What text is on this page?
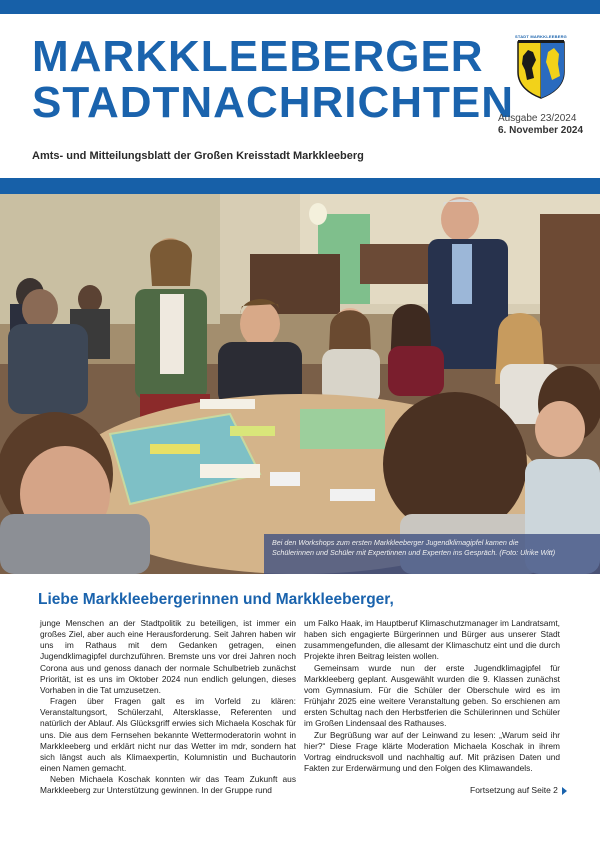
MARKKLEEBERGER
STADTNACHRICHTEN
STADT MARKKLEEBERG
Ausgabe 23/2024
6. November 2024
Amts- und Mitteilungsblatt der Großen Kreisstadt Markkleeberg
Bei den Workshops zum ersten Markkleeberger Jugendklimagipfel kamen die
Schülerinnen und Schüler mit Expertinnen und Experten ins Gespräch. (Foto: Ulrike Witt)
Liebe Markkleebergerinnen und Markkleeberger,

junge Menschen an der Stadtpolitik zu beteiligen, ist immer ein großes Ziel, aber auch eine Herausforderung. Seit Jahren haben wir uns im Rathaus mit dem Gedanken getragen, einen Jugendklimagipfel durchzuführen. Bremste uns vor drei Jahren noch Corona aus und genoss danach der normale Schulbetrieb zunächst Priorität, ist es uns im Oktober 2024 nun endlich gelungen, dieses Vorhaben in die Tat umzusetzen.

Fragen über Fragen galt es im Vorfeld zu klären: Veranstaltungsort, Schülerzahl, Altersklasse, Referenten und natürlich der Ablauf. Als Glücksgriff erwies sich Michaela Koschak für uns. Die aus dem Fernsehen bekannte Wettermoderatorin wohnt in Markkleeberg und erklärt nicht nur das Wetter im mdr, sondern hat sich längst auch als Klimaexpertin, Kolumnistin und Buchautorin einen Namen gemacht.

Neben Michaela Koschak konnten wir das Team Zukunft aus Markkleeberg zur Unterstützung gewinnen. In der Gruppe rund

um Falko Haak, im Hauptberuf Klimaschutzmanager im Landratsamt, haben sich engagierte Bürgerinnen und Bürger aus unserer Stadt zusammengefunden, die allesamt der Klimaschutz eint und die durch Projekte ihren Beitrag leisten wollen.

Gemeinsam wurde nun der erste Jugendklimagipfel für Markkleeberg geplant. Ausgewählt wurden die 9. Klassen zunächst vom Gymnasium. Für die Schüler der Oberschule wird es im Frühjahr 2025 eine weitere Veranstaltung geben. So erschienen am ersten Schultag nach den Herbstferien die Schülerinnen und Schüler im Großen Lindensaal des Rathauses.

Zur Begrüßung war auf der Leinwand zu lesen: „Warum seid ihr hier?“ Diese Frage klärte Moderation Michaela Koschak in ihrem Vortrag eindrucksvoll und nachhaltig auf. Mit präzisen Daten und Fakten zur Erderwärmung und den Folgen des Klimawandels.

Fortsetzung auf Seite 2
